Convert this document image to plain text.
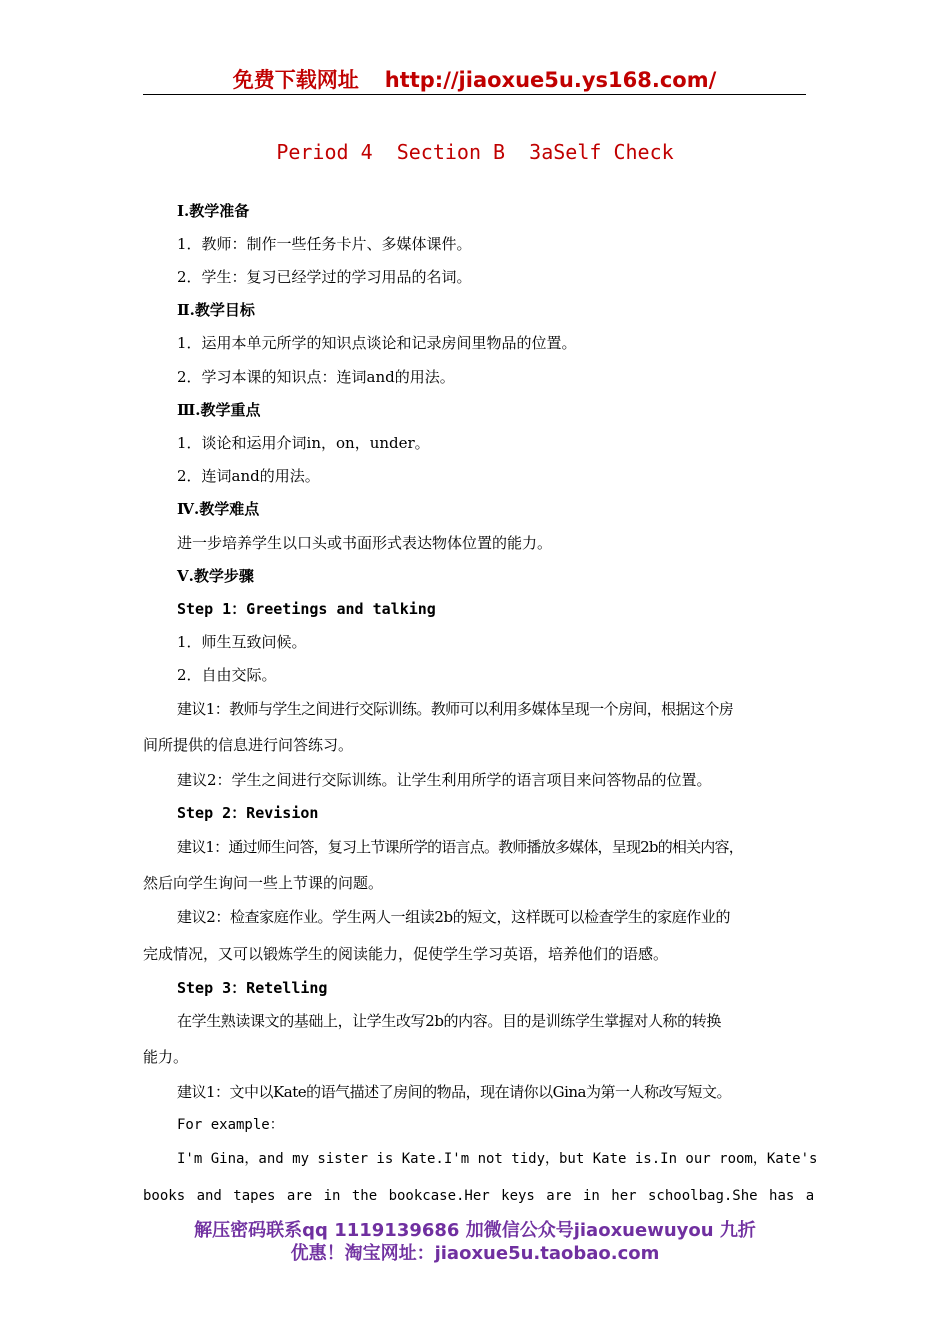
免费下载网址 http://jiaoxue5u.ys168.com/
Period 4  Section B  3aSelf Check
Ⅰ.教学准备
1．教师：制作一些任务卡片、多媒体课件。
2．学生：复习已经学过的学习用品的名词。
Ⅱ.教学目标
1．运用本单元所学的知识点谈论和记录房间里物品的位置。
2．学习本课的知识点：连词and的用法。
Ⅲ.教学重点
1．谈论和运用介词in，on，under。
2．连词and的用法。
Ⅳ.教学难点
进一步培养学生以口头或书面形式表达物体位置的能力。
Ⅴ.教学步骤
Step 1：Greetings and talking
1．师生互致问候。
2．自由交际。
建议1：教师与学生之间进行交际训练。教师可以利用多媒体呈现一个房间，根据这个房
间所提供的信息进行问答练习。
建议2：学生之间进行交际训练。让学生利用所学的语言项目来问答物品的位置。
Step 2：Revision
建议1：通过师生问答，复习上节课所学的语言点。教师播放多媒体，呈现2b的相关内容，
然后向学生询问一些上节课的问题。
建议2：检查家庭作业。学生两人一组读2b的短文，这样既可以检查学生的家庭作业的
完成情况，又可以锻炼学生的阅读能力，促使学生学习英语，培养他们的语感。
Step 3：Retelling
在学生熟读课文的基础上，让学生改写2b的内容。目的是训练学生掌握对人称的转换
能力。
建议1：文中以Kate的语气描述了房间的物品，现在请你以Gina为第一人称改写短文。
For example：
I'm Gina，and my sister is Kate.I'm not tidy，but Kate is.In our room，Kate's
books and tapes are in the bookcase.Her keys are in her schoolbag.She has a
解压密码联系qq 1119139686 加微信公众号jiaoxuewuyou 九折
优惠！淘宝网址：jiaoxue5u.taobao.com
